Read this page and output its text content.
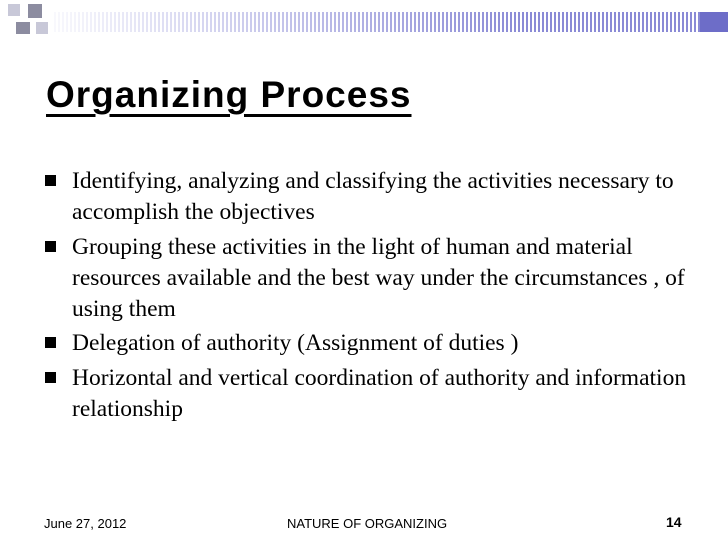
Organizing Process
Identifying, analyzing and classifying the activities necessary to accomplish the objectives
Grouping these activities in the light of human and material resources available and the best way under the circumstances , of using them
Delegation of authority (Assignment of duties )
Horizontal and vertical coordination of authority and information relationship
June 27, 2012	NATURE OF ORGANIZING	14
